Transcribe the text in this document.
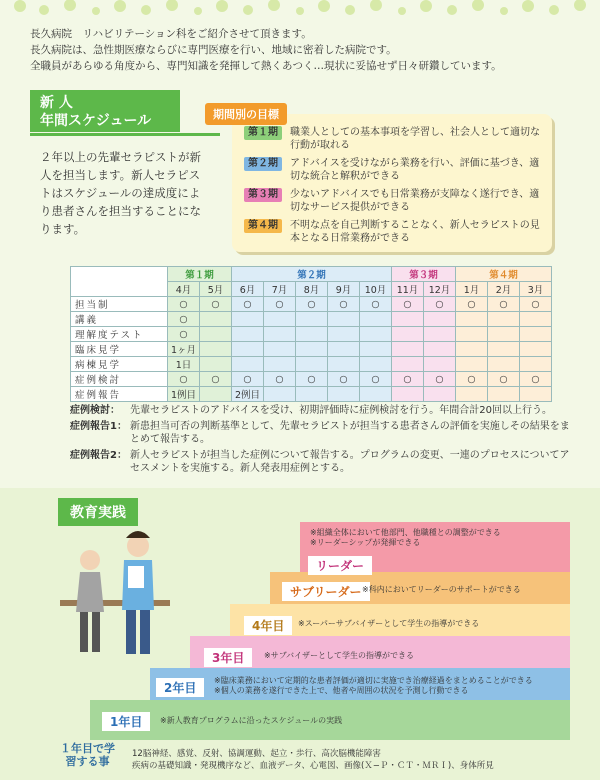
長久病院　リハビリテーション科をご紹介させて頂きます。
長久病院は、急性期医療ならびに専門医療を行い、地域に密着した病院です。
全職員があらゆる角度から、専門知識を発揮して熱くあつく…現状に妥協せず日々研鑽しています。
新 人
年間スケジュール
２年以上の先輩セラピストが新人を担当します。新人セラピストはスケジュールの達成度により患者さんを担当することになります。
第１期	職業人としての基本事項を学習し、社会人として適切な行動が取れる
第２期	アドバイスを受けながら業務を行い、評価に基づき、適切な統合と解釈ができる
第３期	少ないアドバイスでも日常業務が支障なく遂行でき、適切なサービス提供ができる
第４期	不明な点を自己判断することなく、新人セラピストの見本となる日常業務ができる
期間別の目標
	第１期		第２期					第３期		第４期		
	4月	5月	6月	7月	8月	9月	10月	11月	12月	1月	2月	3月
担当制	○	○	○	○	○	○	○	○	○	○	○	○
講義	○											
理解度テスト	○											
臨床見学	1ヶ月											
病棟見学	1日											
症例検討	○	○	○	○	○	○	○	○	○	○	○	○
症例報告	1例目		2例目									
症例検討： 先輩セラピストのアドバイスを受け、初期評価時に症例検討を行う。年間合計20回以上行う。
症例報告1： 新患担当可否の判断基準として、先輩セラピストが担当する患者さんの評価を実施しその結果をまとめて報告する。
症例報告2： 新人セラピストが担当した症例について報告する。プログラムの変更、一連のプロセスについてアセスメントを実施する。新人発表用症例とする。
教育実践
1年目	※新人教育プログラムに沿ったスケジュールの実践
2年目
※臨床業務において定期的な患者評価が適切に実施でき治療経過をまとめることができる
※個人の業務を遂行できた上で、他者や周囲の状況を予測し行動できる
3年目	※サブバイザーとして学生の指導ができる
4年目	※スーパーサブバイザーとして学生の指導ができる
サブリーダー ※科内においてリーダーのサポートができる
リーダー
※組織全体において他部門、他職種との調整ができる
※リーダーシップが発揮できる
１年目で学習する事
12脳神経、感覚、反射、協調運動、起立・歩行、高次脳機能障害
疾病の基礎知識・発現機序など、血液データ、心電図、画像(Ｘ−Ｐ・ＣＴ・ＭＲＩ)、身体所見
